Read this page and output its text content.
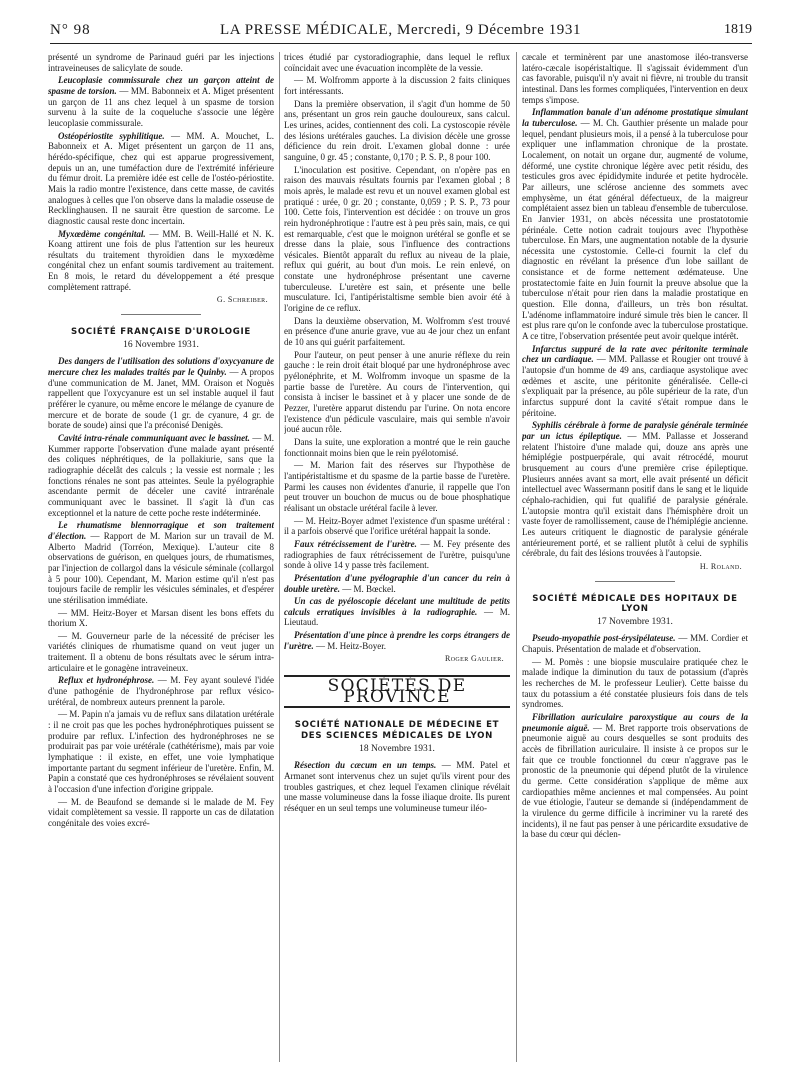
N° 98	LA PRESSE MÉDICALE, Mercredi, 9 Décembre 1931	1819

présenté un syndrome de Parinaud guéri par les injections intraveineuses de salicylate de soude.

Leucoplasie commissurale chez un garçon atteint de spasme de torsion. — MM. Babonneix et A. Miget présentent un garçon de 11 ans chez lequel à un spasme de torsion survenu à la suite de la coqueluche s'associe une légère leucoplasie commissurale.

Ostéopériostite syphilitique. — MM. A. Mouchet, L. Babonneix et A. Miget présentent un garçon de 11 ans, hérédo-spécifique, chez qui est apparue progressivement, depuis un an, une tuméfaction dure de l'extrémité inférieure du fémur droit. La première idée est celle de l'ostéo-périostite. Mais la radio montre l'existence, dans cette masse, de cavités analogues à celles que l'on observe dans la maladie osseuse de Recklinghausen. Il ne saurait être question de sarcome. Le diagnostic causal reste donc incertain.

Myxœdème congénital. — MM. B. Weill-Hallé et N. K. Koang attirent une fois de plus l'attention sur les heureux résultats du traitement thyroïdien dans le myxœdème congénital chez un enfant soumis tardivement au traitement. En 8 mois, le retard du développement a été presque complètement rattrapé.

G. Schreiber.
SOCIÉTÉ FRANÇAISE D'UROLOGIE
16 Novembre 1931.

Des dangers de l'utilisation des solutions d'oxycyanure de mercure chez les malades traités par le Quinby. — A propos d'une communication de M. Janet, MM. Oraison et Noguès rappellent que l'oxycyanure est un sel instable auquel il faut préférer le cyanure, ou même encore le mélange de cyanure de mercure et de borate de soude (1 gr. de cyanure, 4 gr. de borate de soude) ainsi que l'a préconisé Denigès.

Cavité intra-rénale communiquant avec le bassinet. — M. Kummer rapporte l'observation d'une malade ayant présenté des coliques néphrétiques, de la pollakiurie, sans que la radiographie décelât des calculs ; la vessie est normale ; les fonctions rénales ne sont pas atteintes. Seule la pyélographie ascendante permit de déceler une cavité intrarénale communiquant avec le bassinet. Il s'agit là d'un cas exceptionnel et la nature de cette poche reste indéterminée.

Le rhumatisme blennorragique et son traitement d'élection. — Rapport de M. Marion sur un travail de M. Alberto Madrid (Torréon, Mexique). L'auteur cite 8 observations de guérison, en quelques jours, de rhumatismes, par l'injection de collargol dans la vésicule séminale (collargol à 5 pour 100). Cependant, M. Marion estime qu'il n'est pas toujours facile de remplir les vésicules séminales, et d'espérer une stérilisation immédiate.

— MM. Heitz-Boyer et Marsan disent les bons effets du thorium X.

— M. Gouverneur parle de la nécessité de préciser les variétés cliniques de rhumatisme quand on veut juger un traitement. Il a obtenu de bons résultats avec le sérum intra-articulaire et le gonagène intraveineux.

Reflux et hydronéphrose. — M. Fey ayant soulevé l'idée d'une pathogénie de l'hydronéphrose par reflux vésico-urétéral, de nombreux auteurs prennent la parole.

— M. Papin n'a jamais vu de reflux sans dilatation urétérale : il ne croit pas que les poches hydronéphrotiques puissent se produire par reflux. L'infection des hydronéphroses ne se produirait pas par voie urétérale (cathétérisme), mais par voie lymphatique : il existe, en effet, une voie lymphatique importante partant du segment inférieur de l'uretère. Enfin, M. Papin a constaté que ces hydronéphroses se révélaient souvent à l'occasion d'une infection d'origine grippale.

— M. de Beaufond se demande si le malade de M. Fey vidait complètement sa vessie. Il rapporte un cas de dilatation congénitale des voies excré-

trices étudié par cystoradiographie, dans lequel le reflux coïncidait avec une évacuation incomplète de la vessie.

— M. Wolfromm apporte à la discussion 2 faits cliniques fort intéressants.

Dans la première observation, il s'agit d'un homme de 50 ans, présentant un gros rein gauche douloureux, sans calcul. Les urines, acides, contiennent des coli. La cystoscopie révèle des lésions urétérales gauches. La division décèle une grosse déficience du rein droit. L'examen global donne : urée sanguine, 0 gr. 45 ; constante, 0,170 ; P. S. P., 8 pour 100.

L'inoculation est positive. Cependant, on n'opère pas en raison des mauvais résultats fournis par l'examen global ; 8 mois après, le malade est revu et un nouvel examen global est pratiqué : urée, 0 gr. 20 ; constante, 0,059 ; P. S. P., 73 pour 100. Cette fois, l'intervention est décidée : on trouve un gros rein hydronéphrotique : l'autre est à peu près sain, mais, ce qui est remarquable, c'est que le moignon urétéral se gonfle et se dresse dans la plaie, sous l'influence des contractions vésicales. Bientôt apparaît du reflux au niveau de la plaie, reflux qui guérit, au bout d'un mois. Le rein enlevé, on constate une hydronéphrose présentant une caverne tuberculeuse. L'uretère est sain, et présente une belle musculature. Ici, l'antipéristaltisme semble bien avoir été à l'origine de ce reflux.

Dans la deuxième observation, M. Wolfromm s'est trouvé en présence d'une anurie grave, vue au 4e jour chez un enfant de 10 ans qui guérit parfaitement.

Pour l'auteur, on peut penser à une anurie réflexe du rein gauche : le rein droit était bloqué par une hydronéphrose avec pyélonéphrite, et M. Wolfromm invoque un spasme de la partie basse de l'uretère. Au cours de l'intervention, qui consista à inciser le bassinet et à y placer une sonde de de Pezzer, l'uretère apparut distendu par l'urine. On nota encore l'existence d'un pédicule vasculaire, mais qui semble n'avoir joué aucun rôle.

Dans la suite, une exploration a montré que le rein gauche fonctionnait moins bien que le rein pyélotomisé.

— M. Marion fait des réserves sur l'hypothèse de l'antipéristaltisme et du spasme de la partie basse de l'uretère. Parmi les causes non évidentes d'anurie, il rappelle que l'on peut trouver un bouchon de mucus ou de boue phosphatique réalisant un obstacle urétéral facile à lever.

— M. Heitz-Boyer admet l'existence d'un spasme urétéral : il a parfois observé que l'orifice urétéral happait la sonde.

Faux rétrécissement de l'urètre. — M. Fey présente des radiographies de faux rétrécissement de l'urètre, puisqu'une sonde à olive 14 y passe très facilement.

Présentation d'une pyélographie d'un cancer du rein à double uretère. — M. Bœckel.

Un cas de pyéloscopie décelant une multitude de petits calculs erratiques invisibles à la radiographie. — M. Lieutaud.

Présentation d'une pince à prendre les corps étrangers de l'urètre. — M. Heitz-Boyer.

Roger Gaulier.
SOCIÉTÉS DE PROVINCE
SOCIÉTÉ NATIONALE DE MÉDECINE ET DES SCIENCES MÉDICALES DE LYON
18 Novembre 1931.

Résection du cæcum en un temps. — MM. Patel et Armanet sont intervenus chez un sujet qu'ils virent pour des troubles gastriques, et chez lequel l'examen clinique révélait une masse volumineuse dans la fosse iliaque droite. Ils purent réséquer en un seul temps une volumineuse tumeur iléo-

cæcale et terminèrent par une anastomose iléo-transverse latéro-cæcale isopéristaltique. Il s'agissait évidemment d'un cas favorable, puisqu'il n'y avait ni fièvre, ni trouble du transit intestinal. Dans les formes compliquées, l'intervention en deux temps s'impose.

Inflammation banale d'un adénome prostatique simulant la tuberculose. — M. Ch. Gauthier présente un malade pour lequel, pendant plusieurs mois, il a pensé à la tuberculose pour expliquer une inflammation chronique de la prostate. Localement, on notait un organe dur, augmenté de volume, déformé, une cystite chronique légère avec petit résidu, des testicules gros avec épididymite indurée et petite hydrocèle. Par ailleurs, une sclérose ancienne des sommets avec emphysème, un état général défectueux, de la maigreur complétaient assez bien un tableau d'ensemble de tuberculose. En Janvier 1931, on abcès nécessita une prostatotomie périnéale. Cette notion cadrait toujours avec l'hypothèse tuberculose. En Mars, une augmentation notable de la dysurie nécessita une cystostomie. Celle-ci fournit la clef du diagnostic en révélant la présence d'un lobe saillant de consistance et de forme nettement œdémateuse. Une prostatectomie faite en Juin fournit la preuve absolue que la tuberculose n'était pour rien dans la maladie prostatique en question. Elle donna, d'ailleurs, un très bon résultat. L'adénome inflammatoire induré simule très bien le cancer. Il est plus rare qu'on le confonde avec la tuberculose prostatique. A ce titre, l'observation présentée peut avoir quelque intérêt.

Infarctus suppuré de la rate avec péritonite terminale chez un cardiaque. — MM. Pallasse et Rougier ont trouvé à l'autopsie d'un homme de 49 ans, cardiaque asystolique avec œdèmes et ascite, une péritonite généralisée. Celle-ci s'expliquait par la présence, au pôle supérieur de la rate, d'un infarctus suppuré dont la cavité s'était rompue dans le péritoine.

Syphilis cérébrale à forme de paralysie générale terminée par un ictus épileptique. — MM. Pallasse et Josserand relatent l'histoire d'une malade qui, douze ans après une hémiplégie postpuerpérale, qui avait rétrocédé, mourut brusquement au cours d'une première crise épileptique. Plusieurs années avant sa mort, elle avait présenté un déficit intellectuel avec Wassermann positif dans le sang et le liquide céphalo-rachidien, qui fut qualifié de paralysie générale. L'autopsie montra qu'il existait dans l'hémisphère droit un vaste foyer de ramollissement, cause de l'hémiplégie ancienne. Les auteurs critiquent le diagnostic de paralysie générale antérieurement porté, et se rallient plutôt à celui de syphilis cérébrale, du fait des lésions trouvées à l'autopsie.

H. Roland.
SOCIÉTÉ MÉDICALE DES HOPITAUX DE LYON
17 Novembre 1931.

Pseudo-myopathie post-érysipélateuse. — MM. Cordier et Chapuis. Présentation de malade et d'observation.

— M. Pomès : une biopsie musculaire pratiquée chez le malade indique la diminution du taux de potassium (d'après les recherches de M. le professeur Leulier). Cette baisse du taux du potassium a été constatée plusieurs fois dans de tels syndromes.

Fibrillation auriculaire paroxystique au cours de la pneumonie aiguë. — M. Bret rapporte trois observations de pneumonie aiguë au cours desquelles se sont produits des accès de fibrillation auriculaire. Il insiste à ce propos sur le fait que ce trouble fonctionnel du cœur n'aggrave pas le pronostic de la pneumonie qui dépend plutôt de la virulence du germe. Cette considération s'applique de même aux cardiopathies même anciennes et mal compensées. Au point de vue étiologie, l'auteur se demande si (indépendamment de la virulence du germe difficile à incriminer vu la rareté des incidents), il ne faut pas penser à une péricardite exsudative de la base du cœur qui déclen-
